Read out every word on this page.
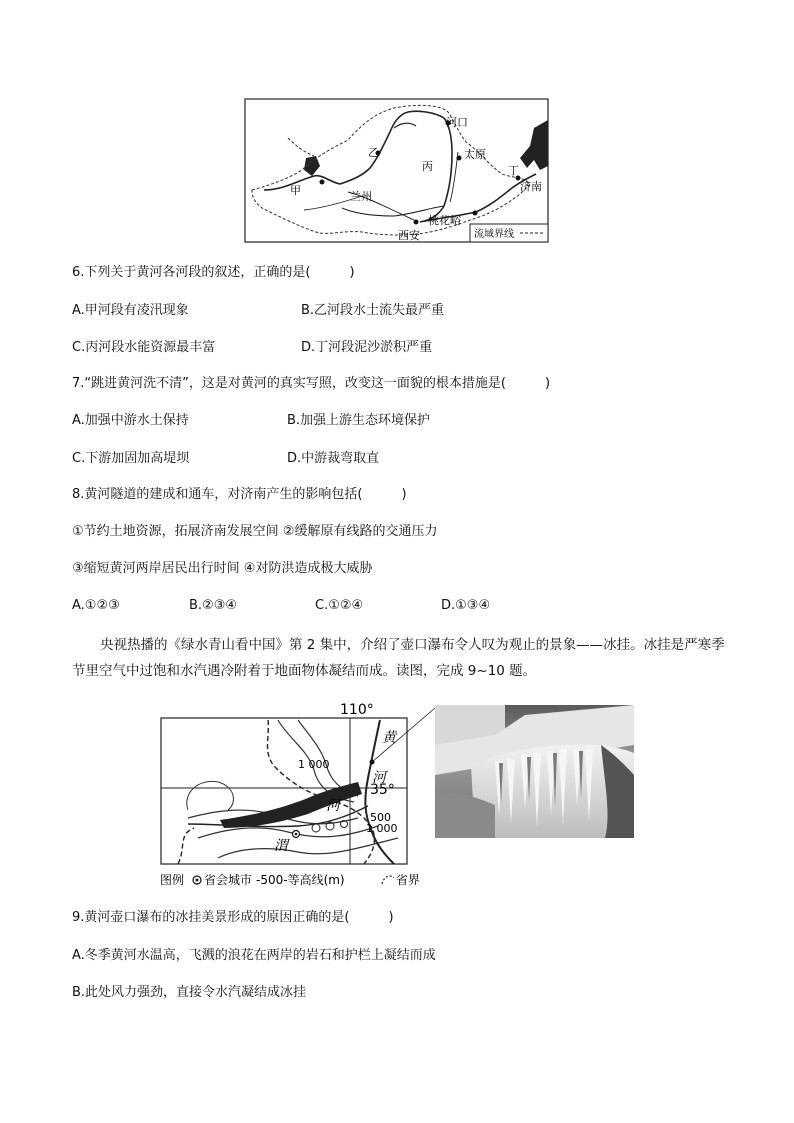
河口
乙
丙
太原
丁
济南
甲	兰州
桃花峪
西安	流域界线
6.下列关于黄河各河段的叙述，正确的是(　　　)
A.甲河段有凌汛现象	B.乙河段水土流失最严重
C.丙河段水能资源最丰富	D.丁河段泥沙淤积严重
7.“跳进黄河洗不清”，这是对黄河的真实写照，改变这一面貌的根本措施是(　　　)
A.加强中游水土保持	B.加强上游生态环境保护
C.下游加固加高堤坝	D.中游裁弯取直
8.黄河隧道的建成和通车，对济南产生的影响包括(　　　)
①节约土地资源，拓展济南发展空间 ②缓解原有线路的交通压力
③缩短黄河两岸居民出行时间 ④对防洪造成极大威胁
A.①②③	B.②③④	C.①②④	D.①③④
央视热播的《绿水青山看中国》第 2 集中，介绍了壶口瀑布令人叹为观止的景象——冰挂。冰挂是严寒季节里空气中过饱和水汽遇冷附着于地面物体凝结而成。读图，完成 9~10 题。
110°
35°
黄
河
河
渭
1 000
500
1 000
图例 省会城市 -500-等高线(m)	省界
9.黄河壶口瀑布的冰挂美景形成的原因正确的是(　　　)
A.冬季黄河水温高，飞溅的浪花在两岸的岩石和护栏上凝结而成
B.此处风力强劲，直接令水汽凝结成冰挂
